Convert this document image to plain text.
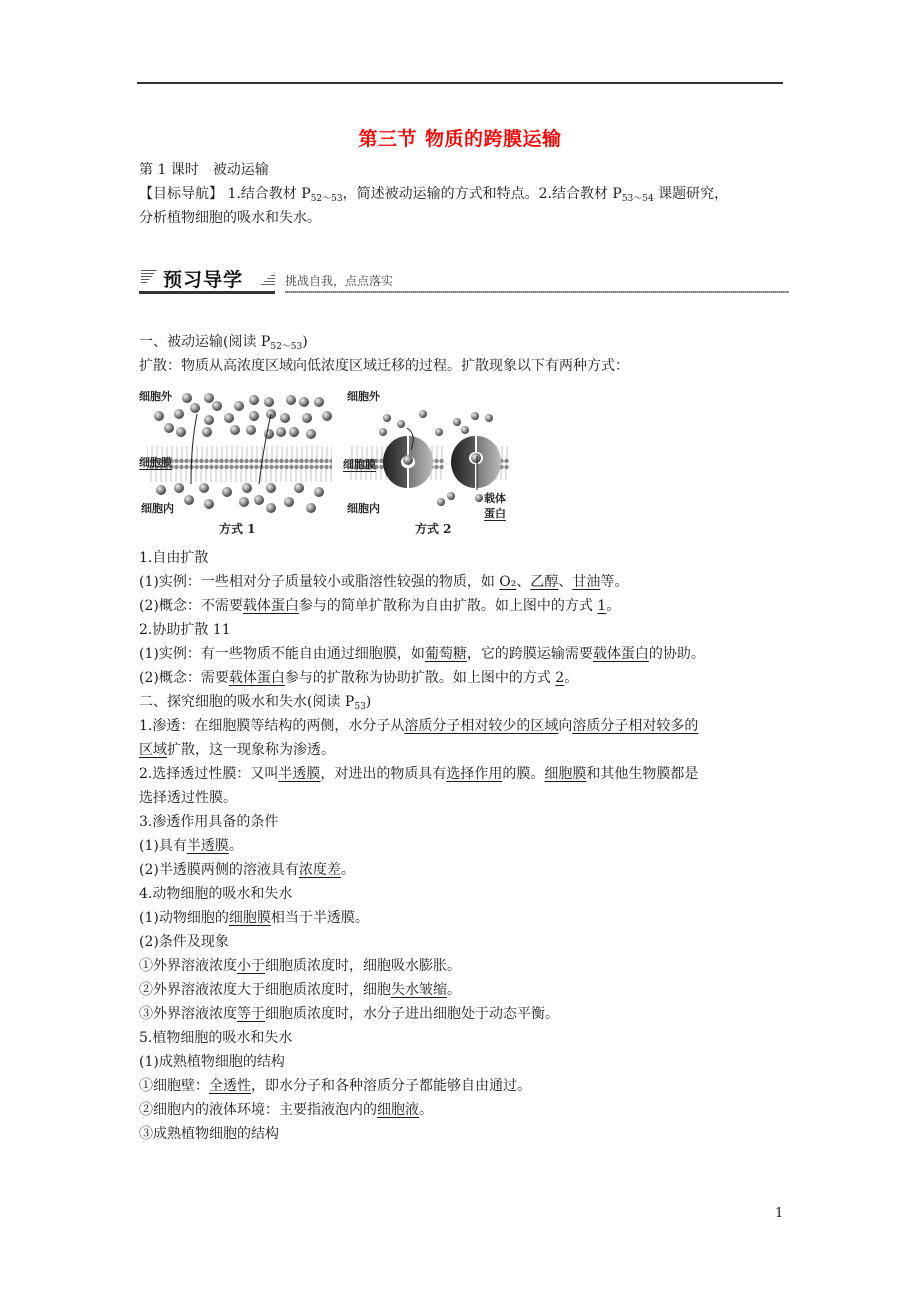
第三节 物质的跨膜运输
第 1 课时　被动运输
【目标导航】 1.结合教材 $P_{52\sim 53}$，简述被动运输的方式和特点。2.结合教材 $P_{53\sim 54}$ 课题研究，
分析植物细胞的吸水和失水。
预习导学	挑战自我，点点落实
一、被动运输(阅读 $P_{52\sim 53}$)
扩散：物质从高浓度区域向低浓度区域迁移的过程。扩散现象以下有两种方式：
细胞外
细胞膜
细胞内
细胞外
细胞膜
细胞内
载体
蛋白
方式 1	方式 2
1.自由扩散
(1)实例：一些相对分子质量较小或脂溶性较强的物质，如 O₂、乙醇、甘油等。
(2)概念：不需要载体蛋白参与的简单扩散称为自由扩散。如上图中的方式 1。
2.协助扩散 11
(1)实例：有一些物质不能自由通过细胞膜，如葡萄糖，它的跨膜运输需要载体蛋白的协助。
(2)概念：需要载体蛋白参与的扩散称为协助扩散。如上图中的方式 2。
二、探究细胞的吸水和失水(阅读 $P_{53}$)
1.渗透：在细胞膜等结构的两侧，水分子从溶质分子相对较少的区域向溶质分子相对较多的
区域扩散，这一现象称为渗透。
2.选择透过性膜：又叫半透膜，对进出的物质具有选择作用的膜。细胞膜和其他生物膜都是
选择透过性膜。
3.渗透作用具备的条件
(1)具有半透膜。
(2)半透膜两侧的溶液具有浓度差。
4.动物细胞的吸水和失水
(1)动物细胞的细胞膜相当于半透膜。
(2)条件及现象
①外界溶液浓度小于细胞质浓度时，细胞吸水膨胀。
②外界溶液浓度大于细胞质浓度时，细胞失水皱缩。
③外界溶液浓度等于细胞质浓度时，水分子进出细胞处于动态平衡。
5.植物细胞的吸水和失水
(1)成熟植物细胞的结构
①细胞壁：全透性，即水分子和各种溶质分子都能够自由通过。
②细胞内的液体环境：主要指液泡内的细胞液。
③成熟植物细胞的结构
1
